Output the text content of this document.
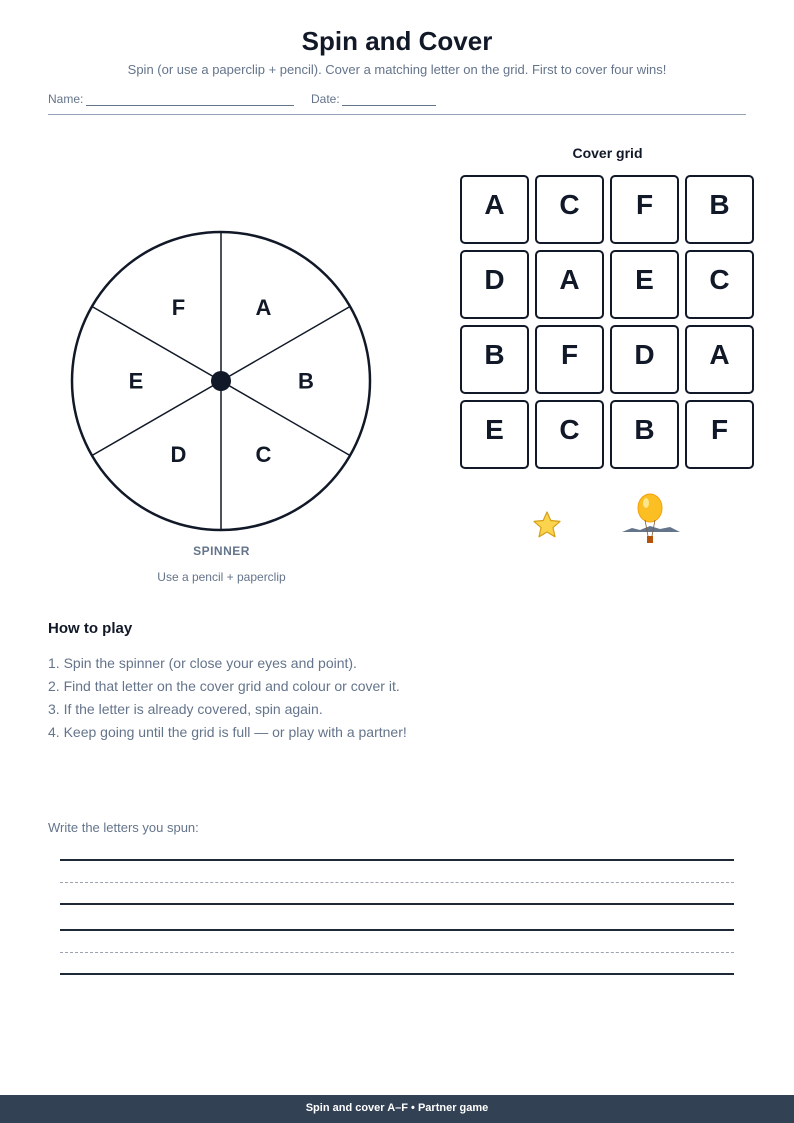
Spin and Cover
Spin (or use a paperclip + pencil). Cover a matching letter on the grid. First to cover four wins!
Name:	Date:
A
B
C
D
E
F
SPINNER
Use a pencil + paperclip
Cover grid
A	C	F	B
D	A	E	C
B	F	D	A
E	C	B	F
How to play
1. Spin the spinner (or close your eyes and point).
2. Find that letter on the cover grid and colour or cover it.
3. If the letter is already covered, spin again.
4. Keep going until the grid is full — or play with a partner!
Write the letters you spun:
Spin and cover A–F • Partner game
